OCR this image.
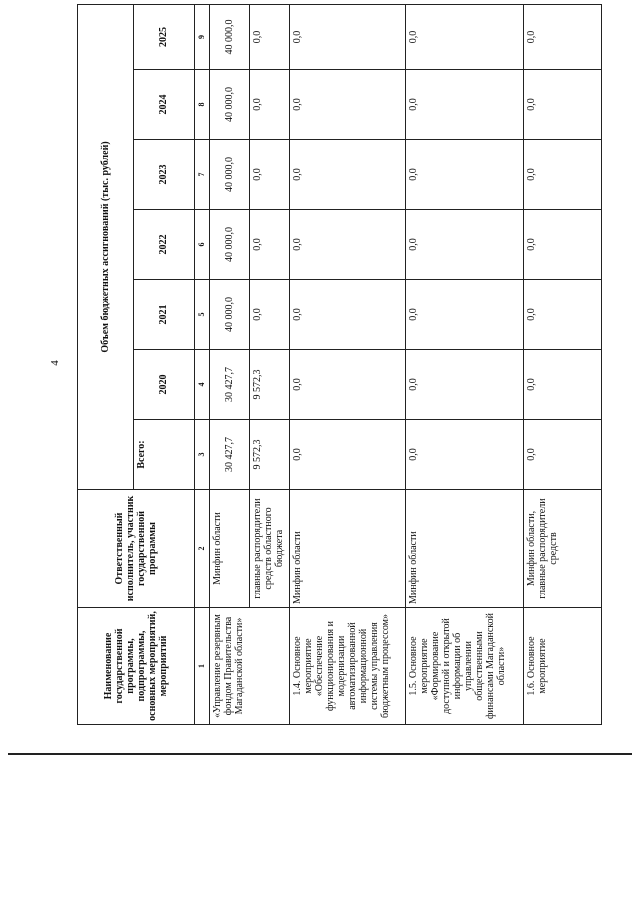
4
Наименование государственной программы, подпрограммы, основных мероприятий, мероприятий	Ответственный исполнитель, участник государственной программы	Объем бюджетных ассигнований (тыс. рублей)						
		Всего:	2020	2021	2022	2023	2024	2025
1	2	3	4	5	6	7	8	9
«Управление резервным фондом Правительства Магаданской области»	Минфин области	30 427,7	30 427,7	40 000,0	40 000,0	40 000,0	40 000,0	40 000,0
	главные распорядители средств областного бюджета	9 572,3	9 572,3	0,0	0,0	0,0	0,0	0,0
1.4. Основное мероприятие «Обеспечение функционирования и модернизации автоматизированной информационной системы управления бюджетным процессом»	Минфин области	0,0	0,0	0,0	0,0	0,0	0,0	0,0
1.5. Основное мероприятие «Формирование доступной и открытой информации об управлении общественными финансами Магаданской области»	Минфин области	0,0	0,0	0,0	0,0	0,0	0,0	0,0
1.6. Основное мероприятие	Минфин области, главные распорядители средств	0,0	0,0	0,0	0,0	0,0	0,0	0,0
